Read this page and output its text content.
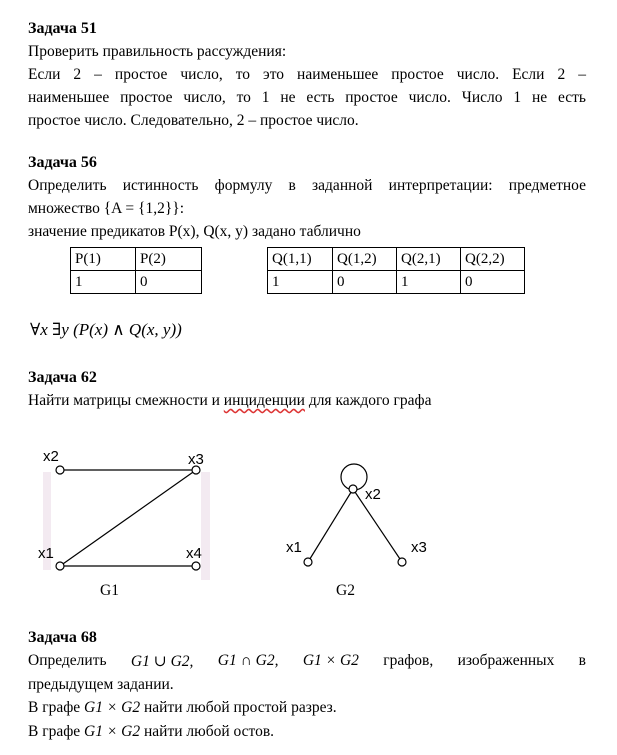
Задача 51
Проверить правильность рассуждения:
Если 2 – простое число, то это наименьшее простое число. Если 2 –
наименьшее простое число, то 1 не есть простое число. Число 1 не есть
простое число. Следовательно, 2 – простое число.
Задача 56
Определить истинность формулу в заданной интерпретации: предметное
множество {A = {1,2}}:
значение предикатов P(x), Q(x, y) задано таблично
P(1)	P(2)
1	0
Q(1,1)	Q(1,2)	Q(2,1)	Q(2,2)
1	0	1	0
∀x ∃y (P(x) ∧ Q(x, y))
Задача 62
Найти матрицы смежности и инциденции для каждого графа
x2	x3
x1	x4
G1
x2
x1	x3
G2
Задача 68
Определить G1 ∪ G2, G1 ∩ G2, G1 × G2 графов, изображенных в
предыдущем задании.
В графе G1 × G2 найти любой простой разрез.
В графе G1 × G2 найти любой остов.
